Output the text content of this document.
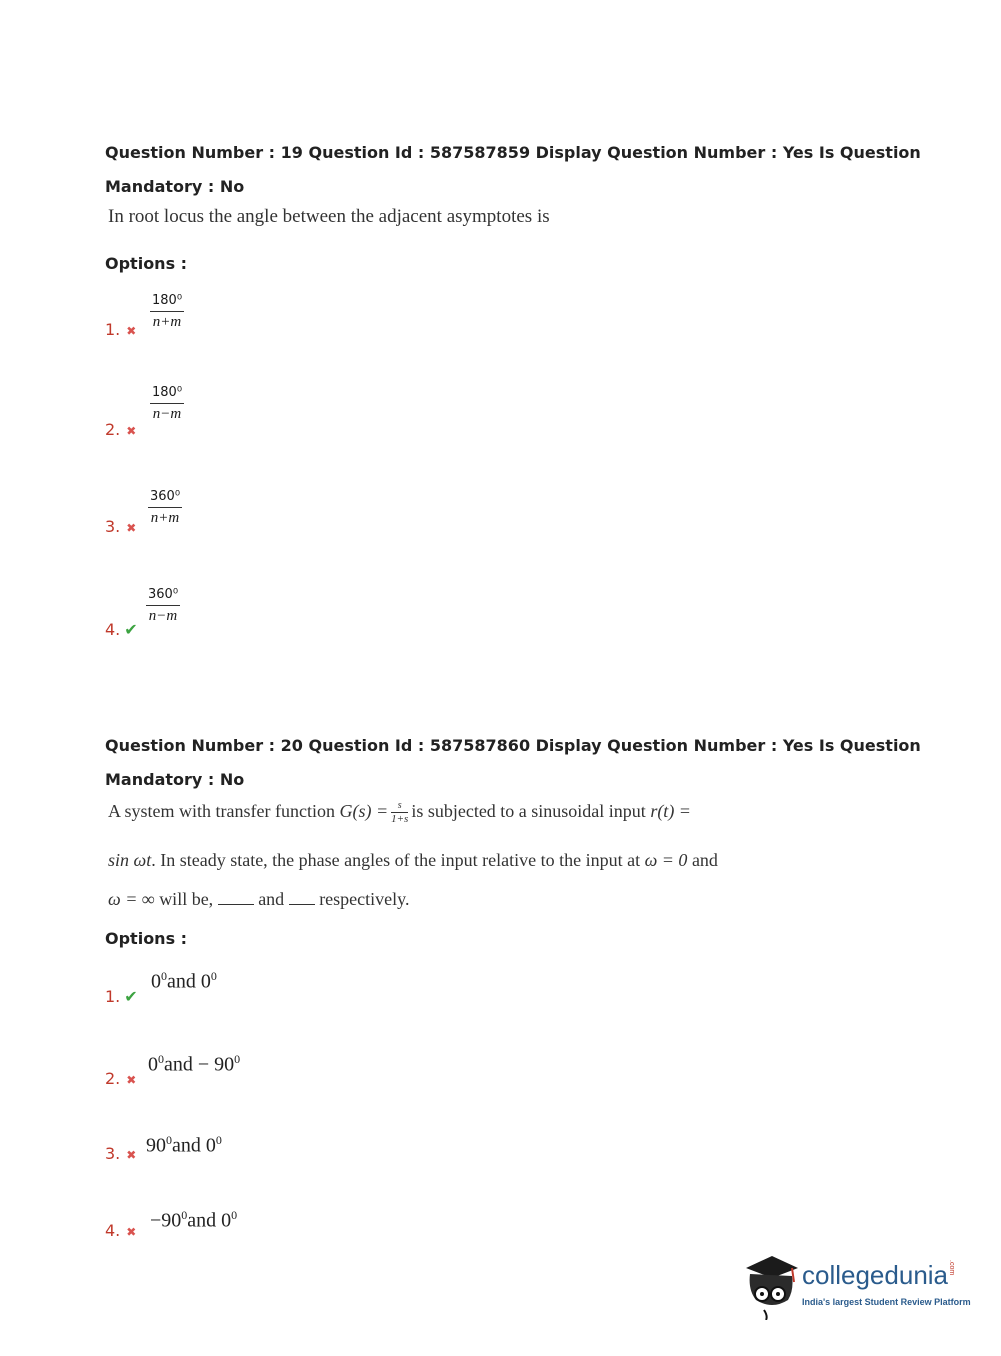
Question Number : 19 Question Id : 587587859 Display Question Number : Yes Is Question
Mandatory : No
In root locus the angle between the adjacent asymptotes is
Options :
1. ✖ $\frac{\text{180⁰}}{n+m}$
2. ✖
$\frac{\text{180⁰}}{n-m}$
3. ✖
$\frac{\text{360⁰}}{n+m}$
4. ✔
$\frac{\text{360⁰}}{n-m}$
Question Number : 20 Question Id : 587587860 Display Question Number : Yes Is Question
Mandatory : No
A system with transfer function $G(s) = \frac{s}{1+s}$ is subjected to a sinusoidal input r(t) =
sin ωt. In steady state, the phase angles of the input relative to the input at ω = 0 and
ω = ∞ will be,  and  respectively.
Options :
1. ✔
$0^0and$ $0^0$
2. ✖
$0^0and - 90^0$
3. ✖ $90^0and$ $0^0$
4. ✖
$-90^0and$ $0^0$
collegedunia.com
India's largest Student Review Platform
